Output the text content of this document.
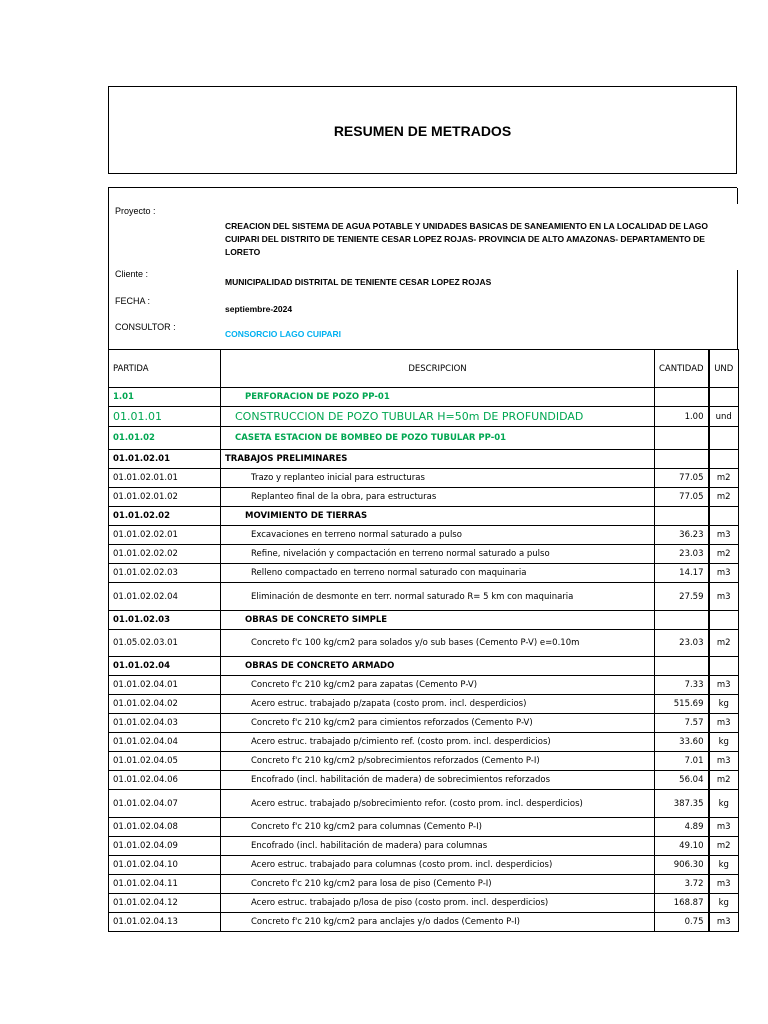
RESUMEN DE METRADOS
Proyecto :
CREACION DEL SISTEMA DE AGUA POTABLE Y UNIDADES BASICAS DE SANEAMIENTO EN LA LOCALIDAD DE LAGO CUIPARI DEL DISTRITO DE TENIENTE CESAR LOPEZ ROJAS- PROVINCIA DE ALTO AMAZONAS- DEPARTAMENTO DE LORETO
Cliente :
MUNICIPALIDAD DISTRITAL DE TENIENTE CESAR LOPEZ ROJAS
FECHA :
septiembre-2024
CONSULTOR :
CONSORCIO LAGO CUIPARI
PARTIDA	DESCRIPCION	CANTIDAD	UND
1.01	PERFORACION DE POZO PP-01		
01.01.01	CONSTRUCCION DE POZO TUBULAR H=50m DE PROFUNDIDAD	1.00	und
01.01.02	CASETA ESTACION DE BOMBEO DE POZO TUBULAR PP-01		
01.01.02.01	TRABAJOS PRELIMINARES		
01.01.02.01.01	Trazo y replanteo inicial para estructuras	77.05	m2
01.01.02.01.02	Replanteo final de la obra, para estructuras	77.05	m2
01.01.02.02	MOVIMIENTO DE TIERRAS		
01.01.02.02.01	Excavaciones en terreno normal saturado a pulso	36.23	m3
01.01.02.02.02	Refine, nivelación y compactación en terreno normal saturado a pulso	23.03	m2
01.01.02.02.03	Relleno compactado en terreno normal saturado con maquinaria	14.17	m3
01.01.02.02.04	Eliminación de desmonte en terr. normal saturado R= 5 km con maquinaria	27.59	m3
01.01.02.03	OBRAS DE CONCRETO SIMPLE		
01.05.02.03.01	Concreto f'c 100 kg/cm2 para solados y/o sub bases (Cemento P-V) e=0.10m	23.03	m2
01.01.02.04	OBRAS DE CONCRETO ARMADO		
01.01.02.04.01	Concreto f'c 210 kg/cm2 para zapatas (Cemento P-V)	7.33	m3
01.01.02.04.02	Acero estruc. trabajado p/zapata (costo prom. incl. desperdicios)	515.69	kg
01.01.02.04.03	Concreto f'c 210 kg/cm2 para cimientos reforzados (Cemento P-V)	7.57	m3
01.01.02.04.04	Acero estruc. trabajado p/cimiento ref. (costo prom. incl. desperdicios)	33.60	kg
01.01.02.04.05	Concreto f'c 210 kg/cm2 p/sobrecimientos reforzados (Cemento P-I)	7.01	m3
01.01.02.04.06	Encofrado (incl. habilitación de madera) de sobrecimientos reforzados	56.04	m2
01.01.02.04.07	Acero estruc. trabajado p/sobrecimiento refor. (costo prom. incl. desperdicios)	387.35	kg
01.01.02.04.08	Concreto f'c 210 kg/cm2 para columnas (Cemento P-I)	4.89	m3
01.01.02.04.09	Encofrado (incl. habilitación de madera) para columnas	49.10	m2
01.01.02.04.10	Acero estruc. trabajado para columnas (costo prom. incl. desperdicios)	906.30	kg
01.01.02.04.11	Concreto f'c 210 kg/cm2 para losa de piso (Cemento P-I)	3.72	m3
01.01.02.04.12	Acero estruc. trabajado p/losa de piso (costo prom. incl. desperdicios)	168.87	kg
01.01.02.04.13	Concreto f'c 210 kg/cm2 para anclajes y/o dados (Cemento P-I)	0.75	m3
